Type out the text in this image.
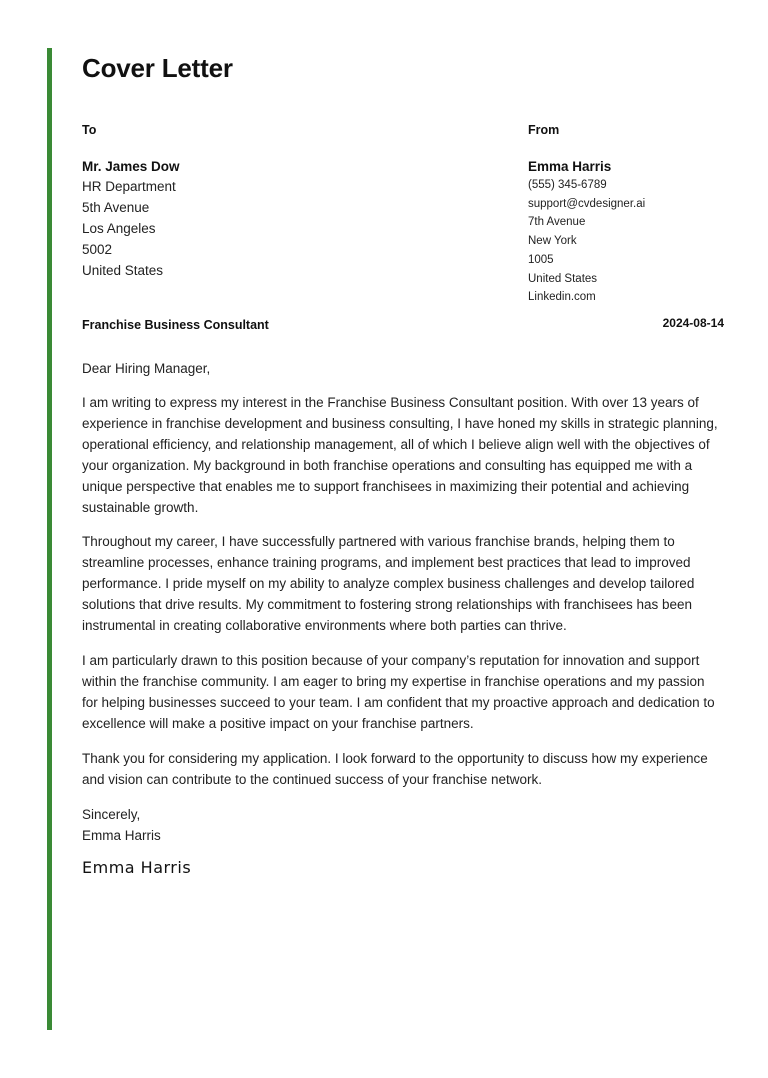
Cover Letter
To
Mr. James Dow
HR Department
5th Avenue
Los Angeles
5002
United States
From
Emma Harris
(555) 345-6789
support@cvdesigner.ai
7th Avenue
New York
1005
United States
Linkedin.com
Franchise Business Consultant	2024-08-14
Dear Hiring Manager,

I am writing to express my interest in the Franchise Business Consultant position. With over 13 years of experience in franchise development and business consulting, I have honed my skills in strategic planning, operational efficiency, and relationship management, all of which I believe align well with the objectives of your organization. My background in both franchise operations and consulting has equipped me with a unique perspective that enables me to support franchisees in maximizing their potential and achieving sustainable growth.

Throughout my career, I have successfully partnered with various franchise brands, helping them to streamline processes, enhance training programs, and implement best practices that lead to improved performance. I pride myself on my ability to analyze complex business challenges and develop tailored solutions that drive results. My commitment to fostering strong relationships with franchisees has been instrumental in creating collaborative environments where both parties can thrive.

I am particularly drawn to this position because of your company’s reputation for innovation and support within the franchise community. I am eager to bring my expertise in franchise operations and my passion for helping businesses succeed to your team. I am confident that my proactive approach and dedication to excellence will make a positive impact on your franchise partners.

Thank you for considering my application. I look forward to the opportunity to discuss how my experience and vision can contribute to the continued success of your franchise network.

Sincerely,
Emma Harris
Emma Harris
